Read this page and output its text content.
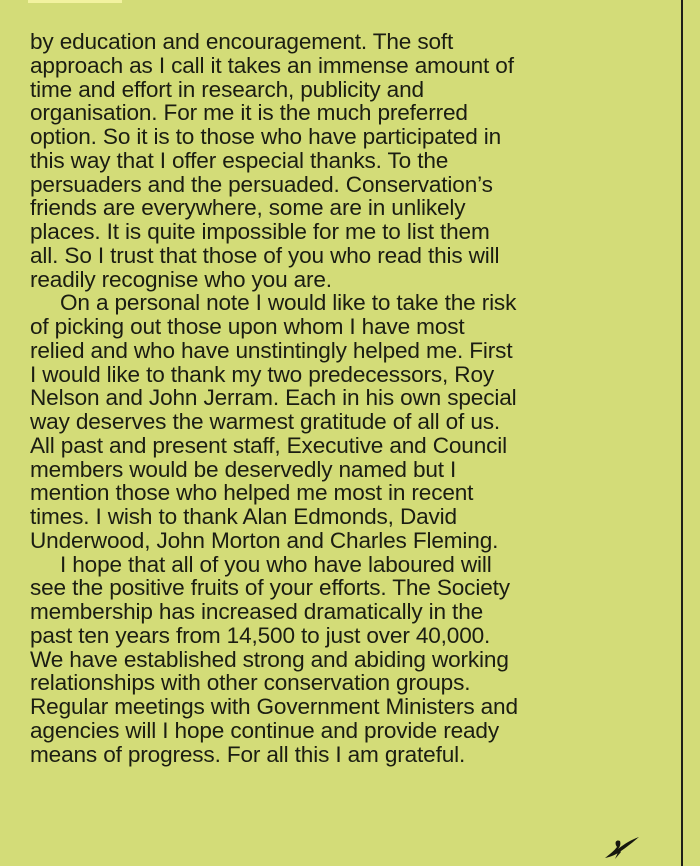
by education and encouragement. The soft
approach as I call it takes an immense amount of
time and effort in research, publicity and
organisation. For me it is the much preferred
option. So it is to those who have participated in
this way that I offer especial thanks. To the
persuaders and the persuaded. Conservation’s
friends are everywhere, some are in unlikely
places. It is quite impossible for me to list them
all. So I trust that those of you who read this will
readily recognise who you are.
On a personal note I would like to take the risk
of picking out those upon whom I have most
relied and who have unstintingly helped me. First
I would like to thank my two predecessors, Roy
Nelson and John Jerram. Each in his own special
way deserves the warmest gratitude of all of us.
All past and present staff, Executive and Council
members would be deservedly named but I
mention those who helped me most in recent
times. I wish to thank Alan Edmonds, David
Underwood, John Morton and Charles Fleming.
I hope that all of you who have laboured will
see the positive fruits of your efforts. The Society
membership has increased dramatically in the
past ten years from 14,500 to just over 40,000.
We have established strong and abiding working
relationships with other conservation groups.
Regular meetings with Government Ministers and
agencies will I hope continue and provide ready
means of progress. For all this I am grateful.
